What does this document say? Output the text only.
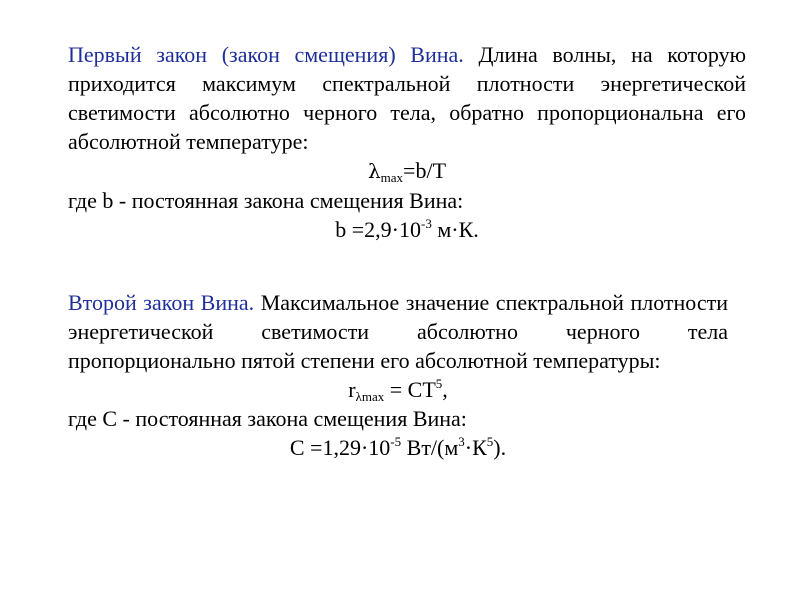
Первый закон (закон смещения) Вина. Длина волны, на которую приходится максимум спектральной плотности энергетической светимости абсолютно черного тела, обратно пропорциональна его абсолютной температуре:

$\lambda_{max}=b/T$

где b - постоянная закона смещения Вина:

$b =2,9\cdot 10^{-3}$ м·К.

Второй закон Вина. Максимальное значение спектральной плотности энергетической светимости абсолютно черного тела пропорционально пятой степени его абсолютной температуры:

$r_{\lambda max} = CT^5$,

где С - постоянная закона смещения Вина:

$С =1,29\cdot 10^{-5}$ $Вт/(м^3\cdot К^5)$.
